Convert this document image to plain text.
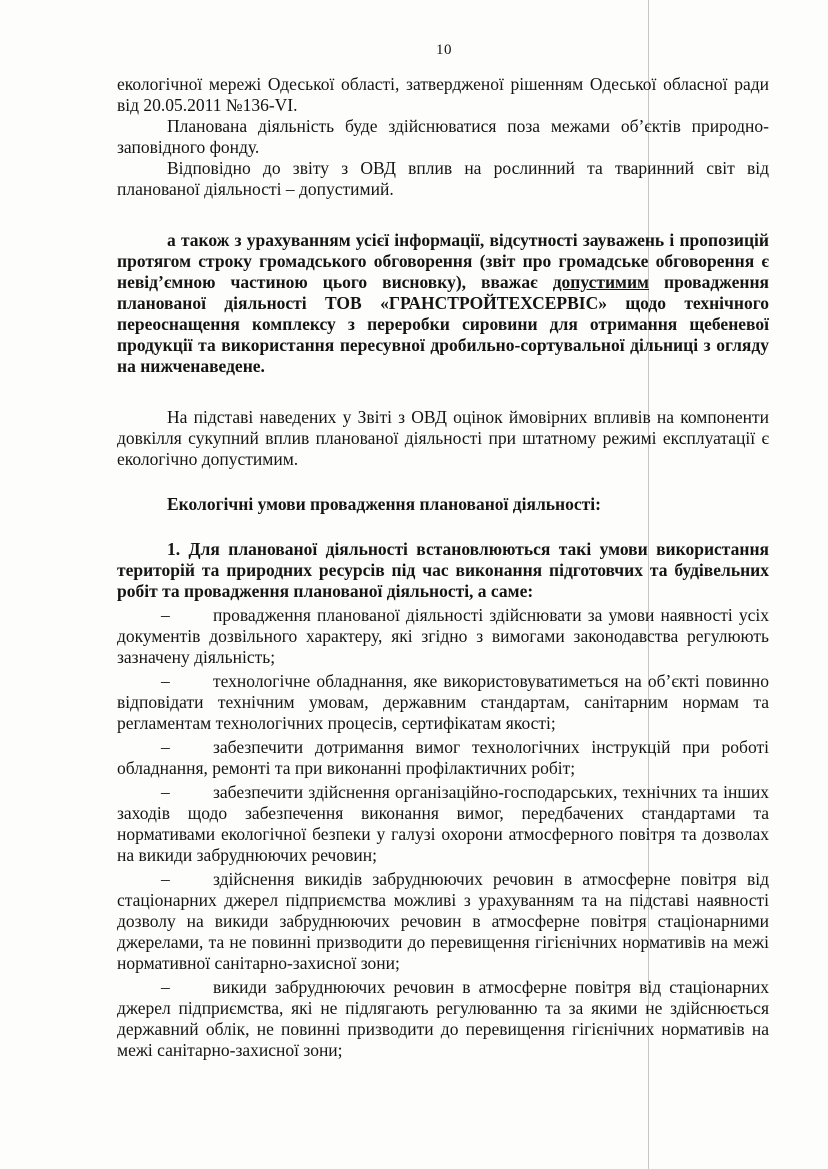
10

екологічної мережі Одеської області, затвердженої рішенням Одеської обласної ради від 20.05.2011 №136-VI.

Планована діяльність буде здійснюватися поза межами об’єктів природно-заповідного фонду.

Відповідно до звіту з ОВД вплив на рослинний та тваринний світ від планованої діяльності – допустимий.

а також з урахуванням усієї інформації, відсутності зауважень і пропозицій протягом строку громадського обговорення (звіт про громадське обговорення є невід’ємною частиною цього висновку), вважає допустимим провадження планованої діяльності ТОВ «ГРАНСТРОЙТЕХСЕРВІС» щодо технічного переоснащення комплексу з переробки сировини для отримання щебеневої продукції та використання пересувної дробильно-сортувальної дільниці з огляду на нижченаведене.

На підставі наведених у Звіті з ОВД оцінок ймовірних впливів на компоненти довкілля сукупний вплив планованої діяльності при штатному режимі експлуатації є екологічно допустимим.

Екологічні умови провадження планованої діяльності:

1. Для планованої діяльності встановлюються такі умови використання територій та природних ресурсів під час виконання підготовчих та будівельних робіт та провадження планованої діяльності, а саме:

– провадження планованої діяльності здійснювати за умови наявності усіх документів дозвільного характеру, які згідно з вимогами законодавства регулюють зазначену діяльність;

– технологічне обладнання, яке використовуватиметься на об’єкті повинно відповідати технічним умовам, державним стандартам, санітарним нормам та регламентам технологічних процесів, сертифікатам якості;

– забезпечити дотримання вимог технологічних інструкцій при роботі обладнання, ремонті та при виконанні профілактичних робіт;

– забезпечити здійснення організаційно-господарських, технічних та інших заходів щодо забезпечення виконання вимог, передбачених стандартами та нормативами екологічної безпеки у галузі охорони атмосферного повітря та дозволах на викиди забруднюючих речовин;

– здійснення викидів забруднюючих речовин в атмосферне повітря від стаціонарних джерел підприємства можливі з урахуванням та на підставі наявності дозволу на викиди забруднюючих речовин в атмосферне повітря стаціонарними джерелами, та не повинні призводити до перевищення гігієнічних нормативів на межі нормативної санітарно-захисної зони;

– викиди забруднюючих речовин в атмосферне повітря від стаціонарних джерел підприємства, які не підлягають регулюванню та за якими не здійснюється державний облік, не повинні призводити до перевищення гігієнічних нормативів на межі санітарно-захисної зони;
